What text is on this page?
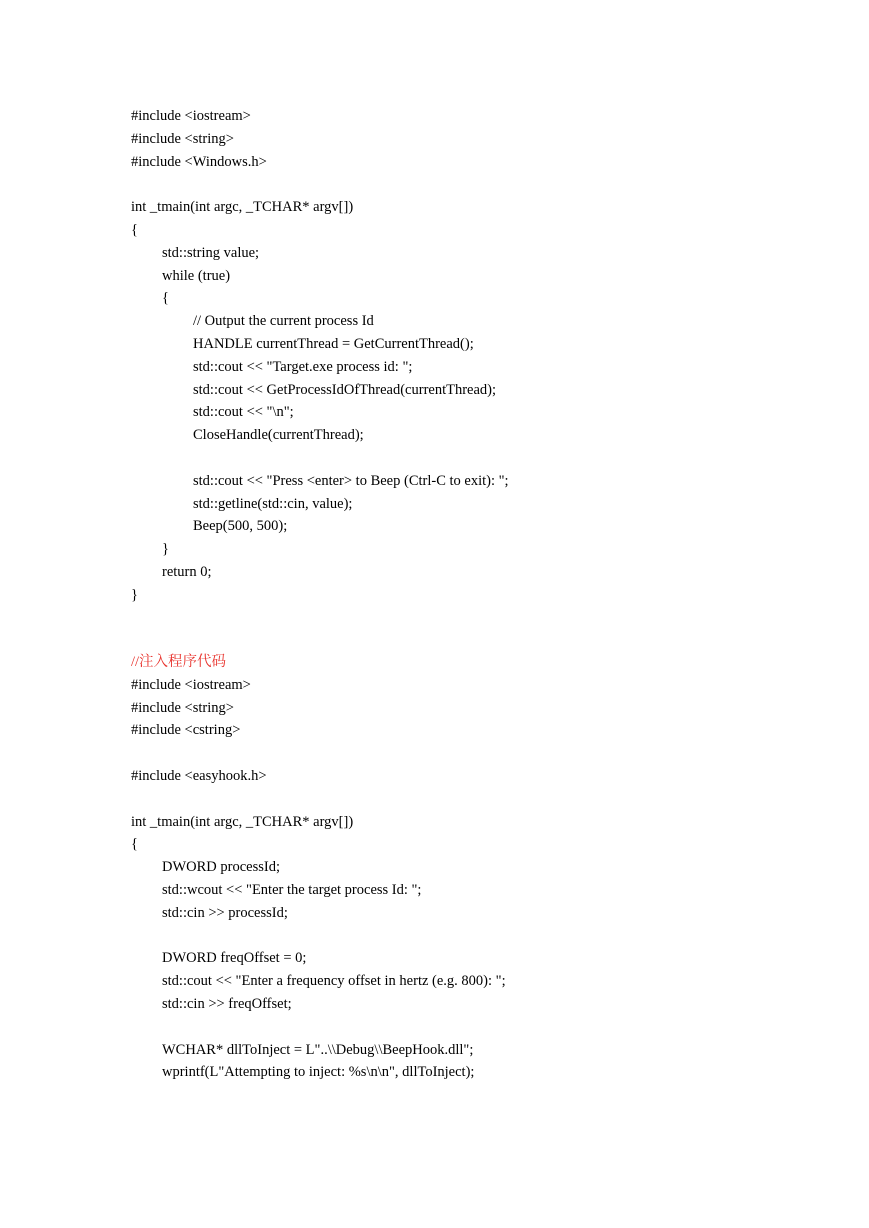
#include <iostream>
#include <string>
#include <Windows.h>
int _tmain(int argc, _TCHAR* argv[])
{
std::string value;
while (true)
{
// Output the current process Id
HANDLE currentThread = GetCurrentThread();
std::cout << "Target.exe process id: ";
std::cout << GetProcessIdOfThread(currentThread);
std::cout << "\n";
CloseHandle(currentThread);
std::cout << "Press <enter> to Beep (Ctrl-C to exit): ";
std::getline(std::cin, value);
Beep(500, 500);
}
return 0;
}
//注入程序代码
#include <iostream>
#include <string>
#include <cstring>
#include <easyhook.h>
int _tmain(int argc, _TCHAR* argv[])
{
DWORD processId;
std::wcout << "Enter the target process Id: ";
std::cin >> processId;
DWORD freqOffset = 0;
std::cout << "Enter a frequency offset in hertz (e.g. 800): ";
std::cin >> freqOffset;
WCHAR* dllToInject = L"..\\Debug\\BeepHook.dll";
wprintf(L"Attempting to inject: %s\n\n", dllToInject);
